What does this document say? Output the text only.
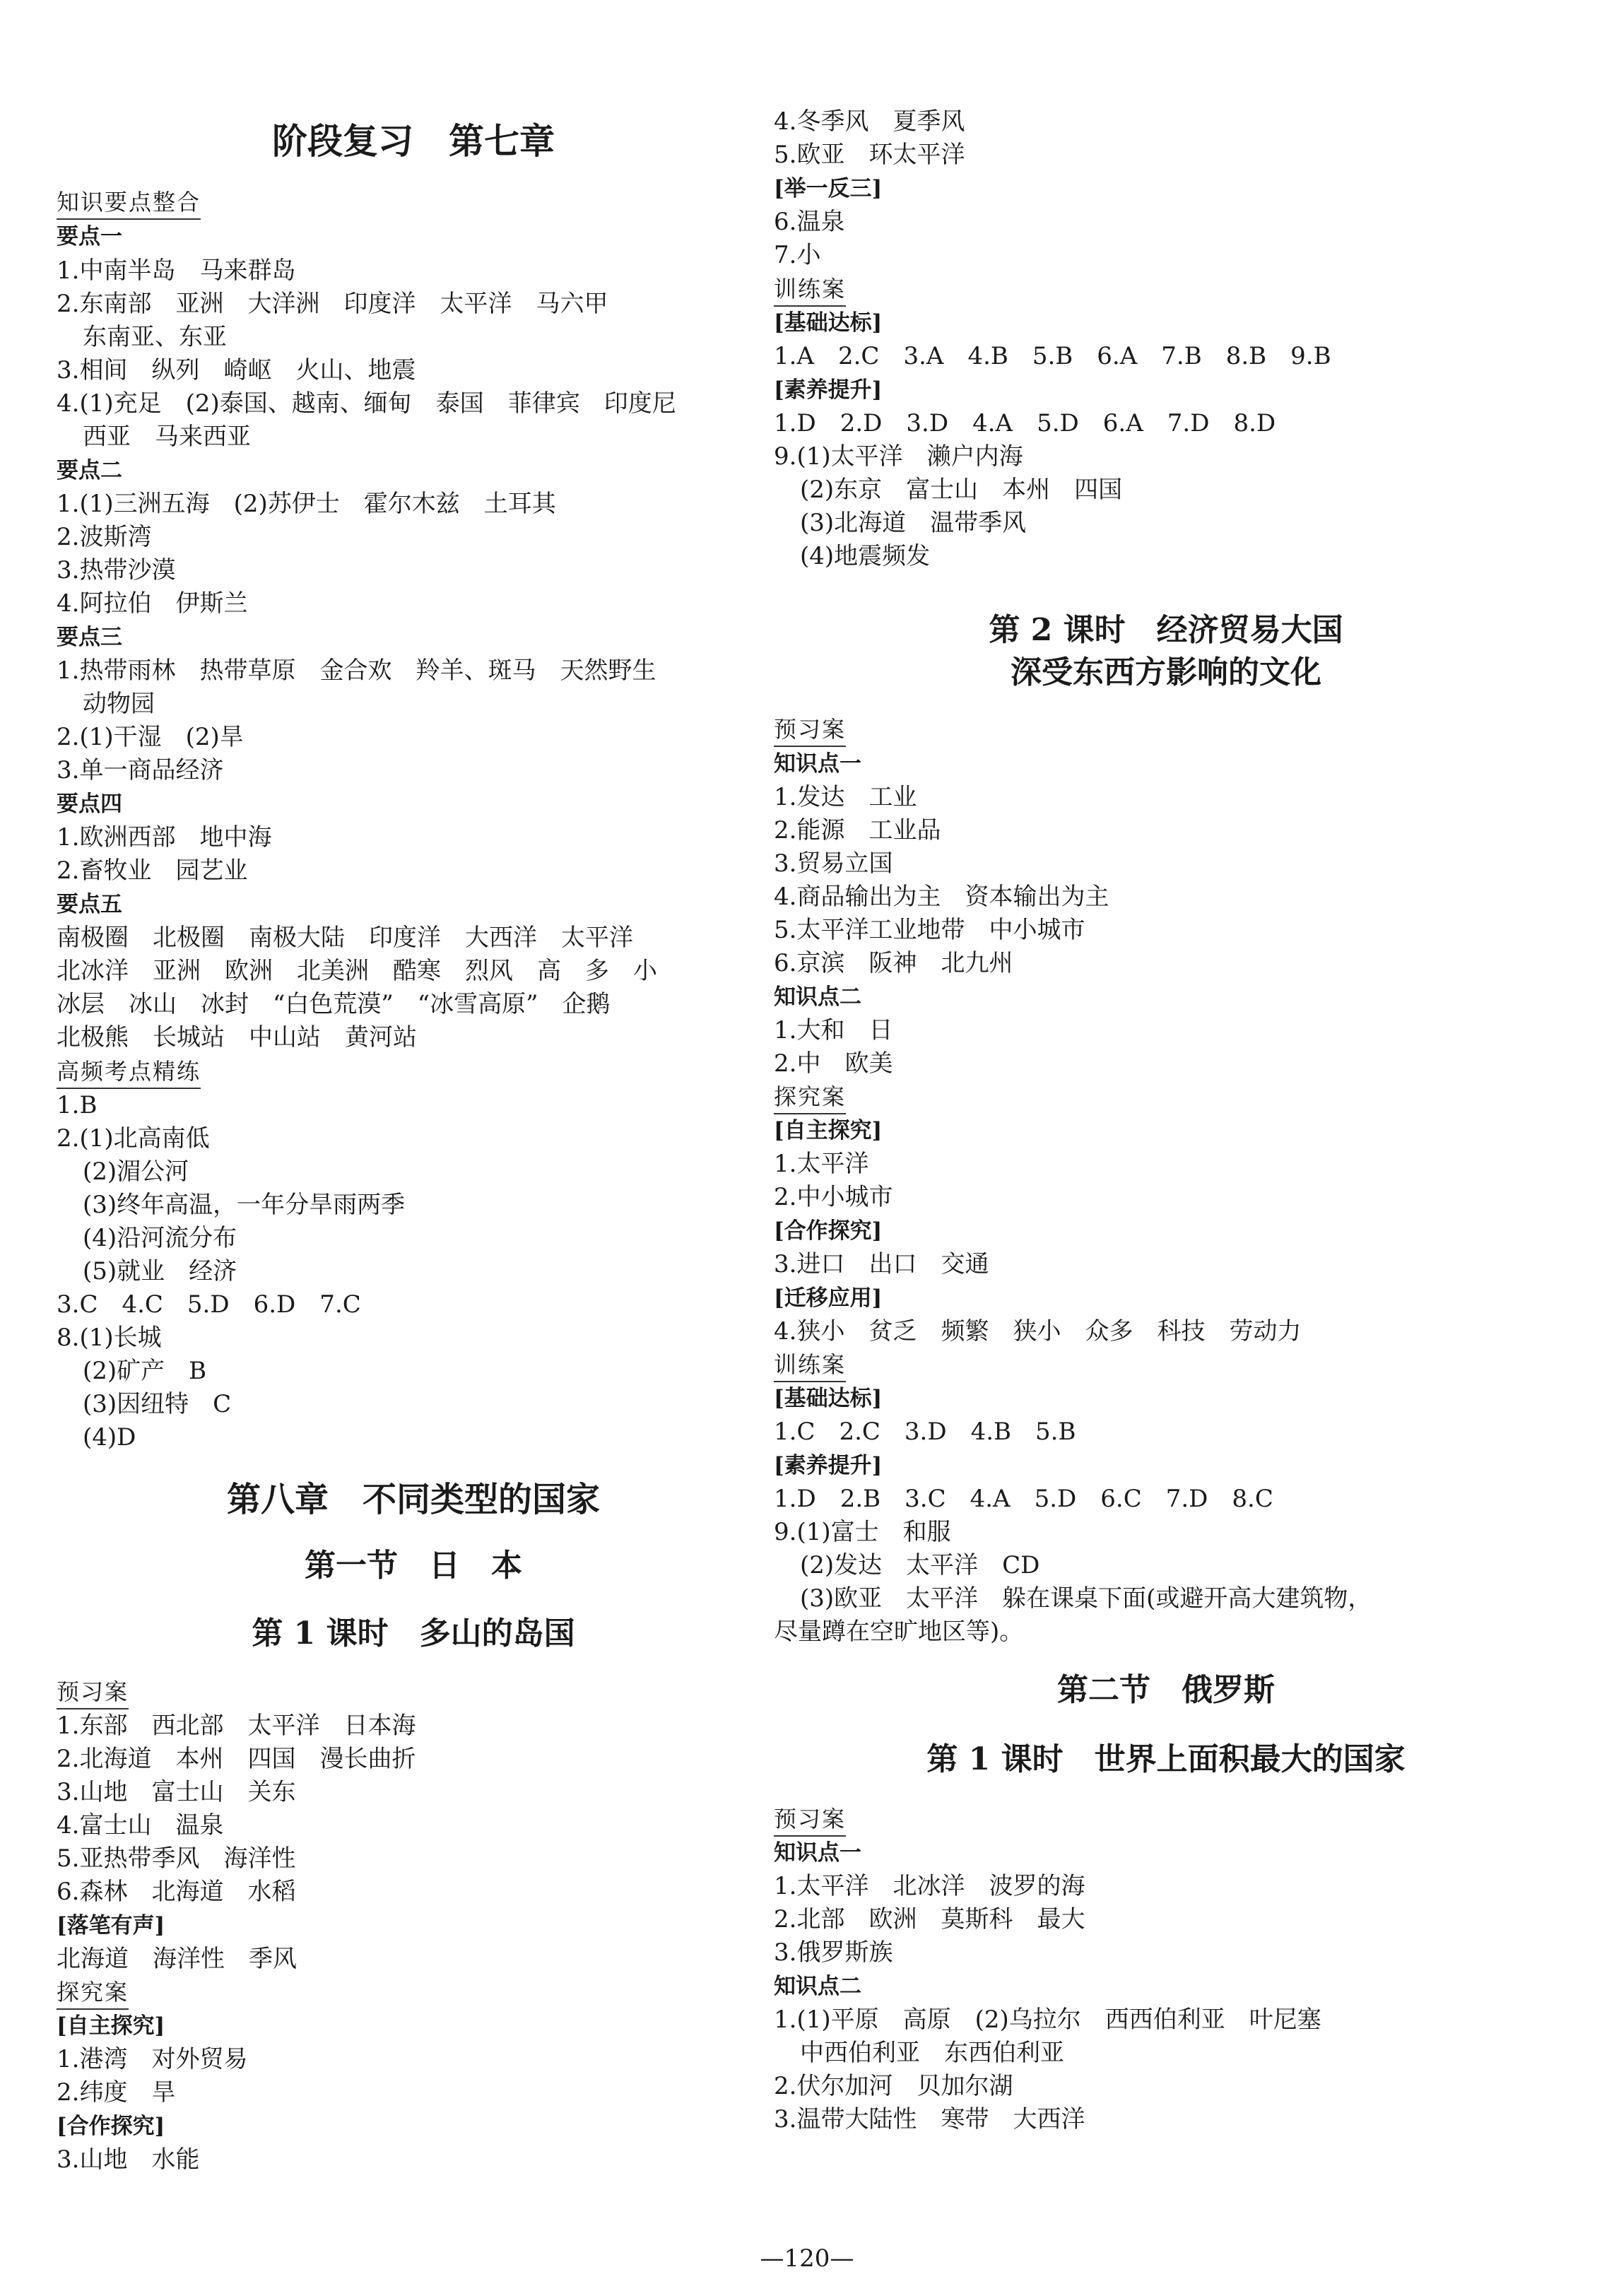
阶段复习　第七章
知识要点整合
要点一
1.中南半岛　马来群岛
2.东南部　亚洲　大洋洲　印度洋　太平洋　马六甲
东南亚、东亚
3.相间　纵列　崎岖　火山、地震
4.(1)充足　(2)泰国、越南、缅甸　泰国　菲律宾　印度尼
西亚　马来西亚
要点二
1.(1)三洲五海　(2)苏伊士　霍尔木兹　土耳其
2.波斯湾
3.热带沙漠
4.阿拉伯　伊斯兰
要点三
1.热带雨林　热带草原　金合欢　羚羊、斑马　天然野生
动物园
2.(1)干湿　(2)旱
3.单一商品经济
要点四
1.欧洲西部　地中海
2.畜牧业　园艺业
要点五
南极圈　北极圈　南极大陆　印度洋　大西洋　太平洋
北冰洋　亚洲　欧洲　北美洲　酷寒　烈风　高　多　小
冰层　冰山　冰封　“白色荒漠”　“冰雪高原”　企鹅
北极熊　长城站　中山站　黄河站
高频考点精练
1.B
2.(1)北高南低
(2)湄公河
(3)终年高温，一年分旱雨两季
(4)沿河流分布
(5)就业　经济
3.C　4.C　5.D　6.D　7.C
8.(1)长城
(2)矿产　B
(3)因纽特　C
(4)D
第八章　不同类型的国家
第一节　日　本
第 1 课时　多山的岛国
预习案
1.东部　西北部　太平洋　日本海
2.北海道　本州　四国　漫长曲折
3.山地　富士山　关东
4.富士山　温泉
5.亚热带季风　海洋性
6.森林　北海道　水稻
[落笔有声]
北海道　海洋性　季风
探究案
[自主探究]
1.港湾　对外贸易
2.纬度　旱
[合作探究]
3.山地　水能
4.冬季风　夏季风
5.欧亚　环太平洋
[举一反三]
6.温泉
7.小
训练案
[基础达标]
1.A　2.C　3.A　4.B　5.B　6.A　7.B　8.B　9.B
[素养提升]
1.D　2.D　3.D　4.A　5.D　6.A　7.D　8.D
9.(1)太平洋　濑户内海
(2)东京　富士山　本州　四国
(3)北海道　温带季风
(4)地震频发
第 2 课时　经济贸易大国
深受东西方影响的文化
预习案
知识点一
1.发达　工业
2.能源　工业品
3.贸易立国
4.商品输出为主　资本输出为主
5.太平洋工业地带　中小城市
6.京滨　阪神　北九州
知识点二
1.大和　日
2.中　欧美
探究案
[自主探究]
1.太平洋
2.中小城市
[合作探究]
3.进口　出口　交通
[迁移应用]
4.狭小　贫乏　频繁　狭小　众多　科技　劳动力
训练案
[基础达标]
1.C　2.C　3.D　4.B　5.B
[素养提升]
1.D　2.B　3.C　4.A　5.D　6.C　7.D　8.C
9.(1)富士　和服
(2)发达　太平洋　CD
(3)欧亚　太平洋　躲在课桌下面(或避开高大建筑物，
尽量蹲在空旷地区等)。
第二节　俄罗斯
第 1 课时　世界上面积最大的国家
预习案
知识点一
1.太平洋　北冰洋　波罗的海
2.北部　欧洲　莫斯科　最大
3.俄罗斯族
知识点二
1.(1)平原　高原　(2)乌拉尔　西西伯利亚　叶尼塞
中西伯利亚　东西伯利亚
2.伏尔加河　贝加尔湖
3.温带大陆性　寒带　大西洋
—120—
